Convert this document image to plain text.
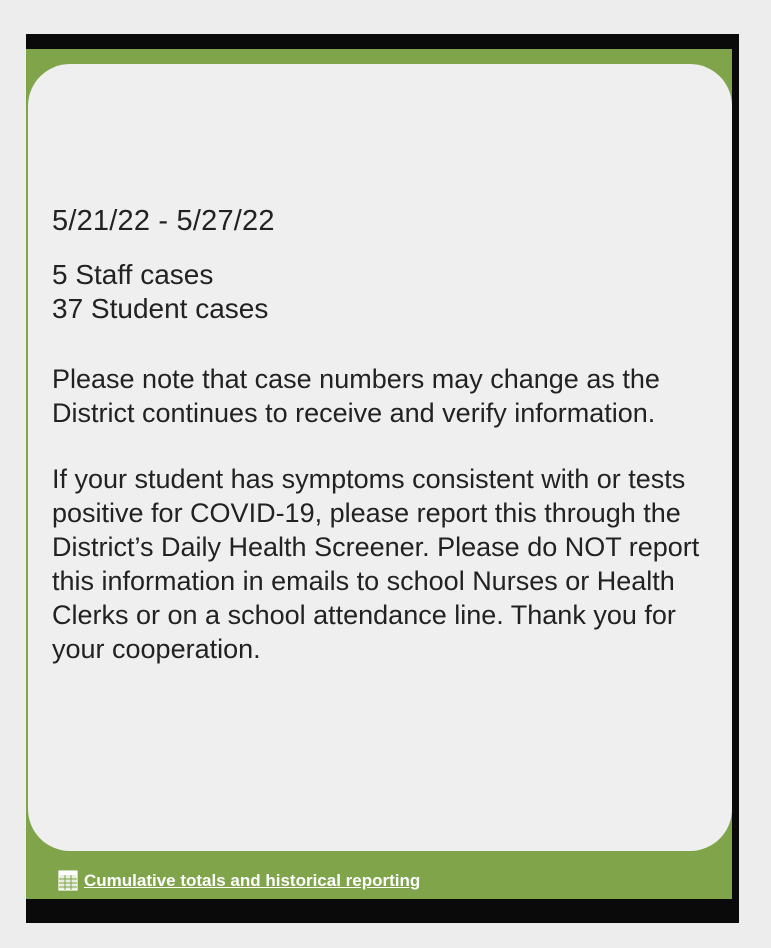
5/21/22 - 5/27/22
5 Staff cases
37 Student cases
Please note that case numbers may change as the District continues to receive and verify information.
If your student has symptoms consistent with or tests positive for COVID-19, please report this through the District’s Daily Health Screener. Please do NOT report this information in emails to school Nurses or Health Clerks or on a school attendance line. Thank you for your cooperation.
Cumulative totals and historical reporting
